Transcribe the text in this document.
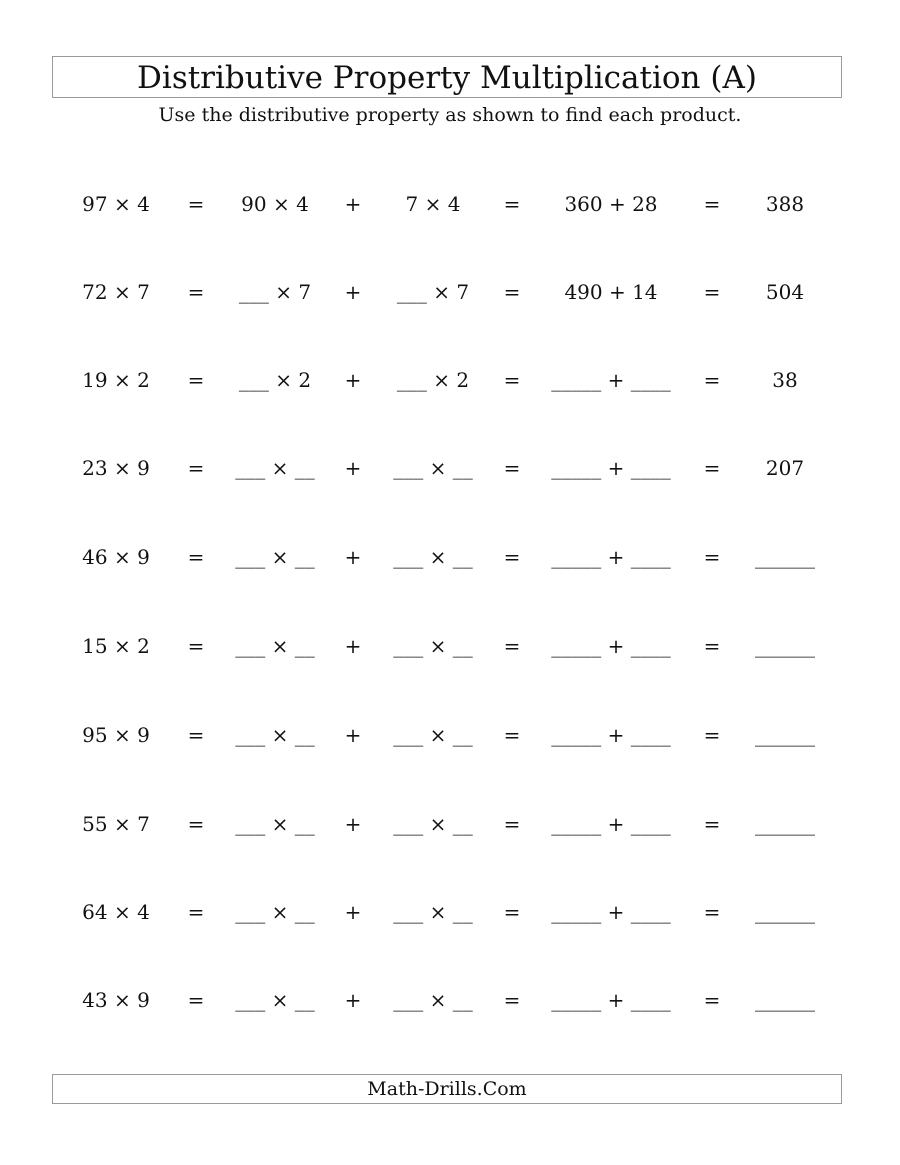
Distributive Property Multiplication (A)
Use the distributive property as shown to find each product.
97 × 4	=	90 × 4	+	7 × 4	=	360 + 28	=	388
72 × 7	=	___ × 7	+	___ × 7	=	490 + 14	=	504
19 × 2	=	___ × 2	+	___ × 2	=	_____ + ____	=	38
23 × 9	=	___ × __	+	___ × __	=	_____ + ____	=	207
46 × 9	=	___ × __	+	___ × __	=	_____ + ____	=	______
15 × 2	=	___ × __	+	___ × __	=	_____ + ____	=	______
95 × 9	=	___ × __	+	___ × __	=	_____ + ____	=	______
55 × 7	=	___ × __	+	___ × __	=	_____ + ____	=	______
64 × 4	=	___ × __	+	___ × __	=	_____ + ____	=	______
43 × 9	=	___ × __	+	___ × __	=	_____ + ____	=	______
Math-Drills.Com
